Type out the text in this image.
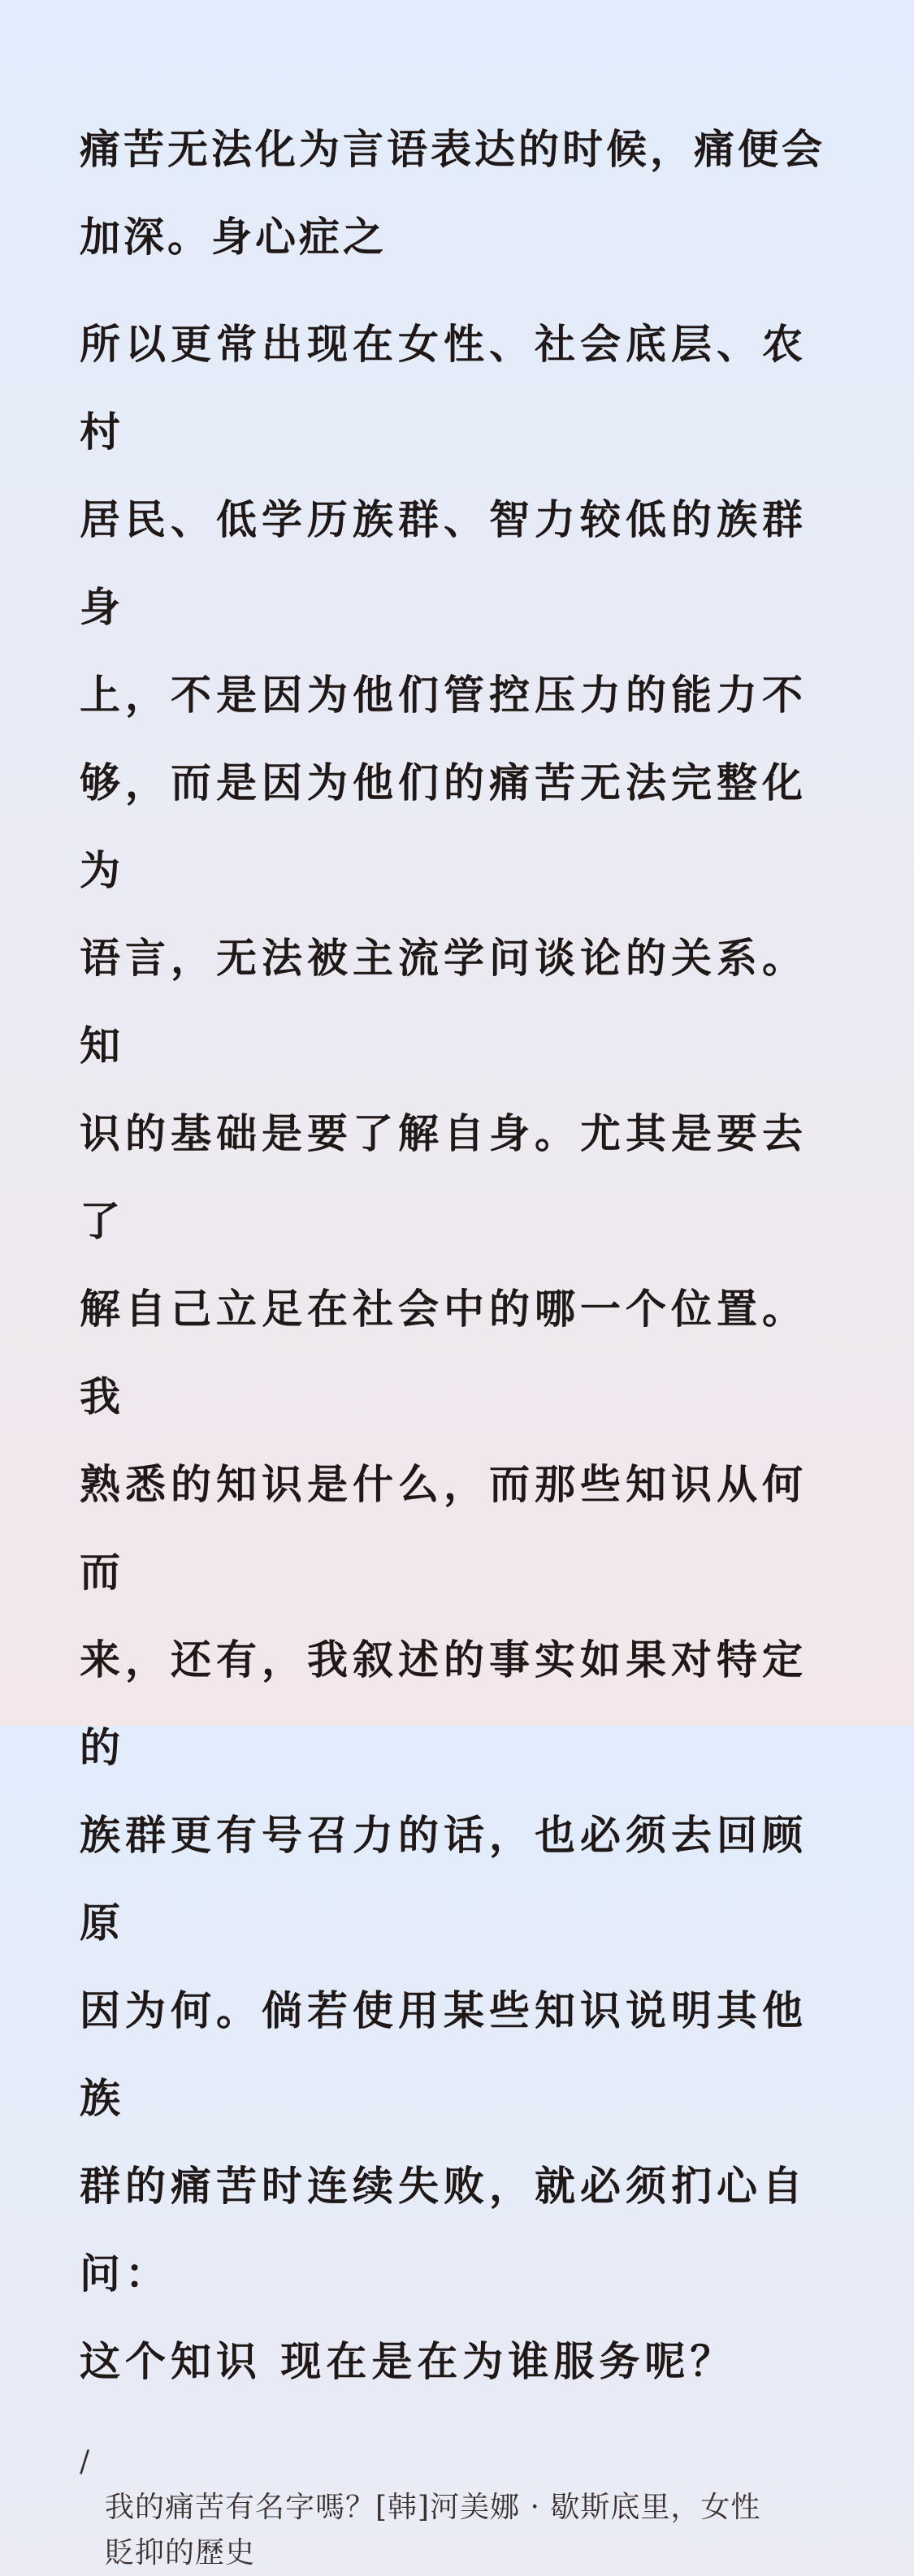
痛苦无法化为言语表达的时候，痛便会
加深。身心症之

所以更常出现在女性、社会底层、农村
居民、低学历族群、智力较低的族群身
上，不是因为他们管控压力的能力不
够，而是因为他们的痛苦无法完整化为
语言，无法被主流学问谈论的关系。知
识的基础是要了解自身。尤其是要去了
解自己立足在社会中的哪一个位置。我
熟悉的知识是什么，而那些知识从何而
来，还有，我叙述的事实如果对特定的
族群更有号召力的话，也必须去回顾原
因为何。倘若使用某些知识说明其他族
群的痛苦时连续失败，就必须扪心自问：
这个知识 现在是在为谁服务呢？

/
我的痛苦有名字嗎？[韩]河美娜 · 歇斯底里，女性
貶抑的歷史
